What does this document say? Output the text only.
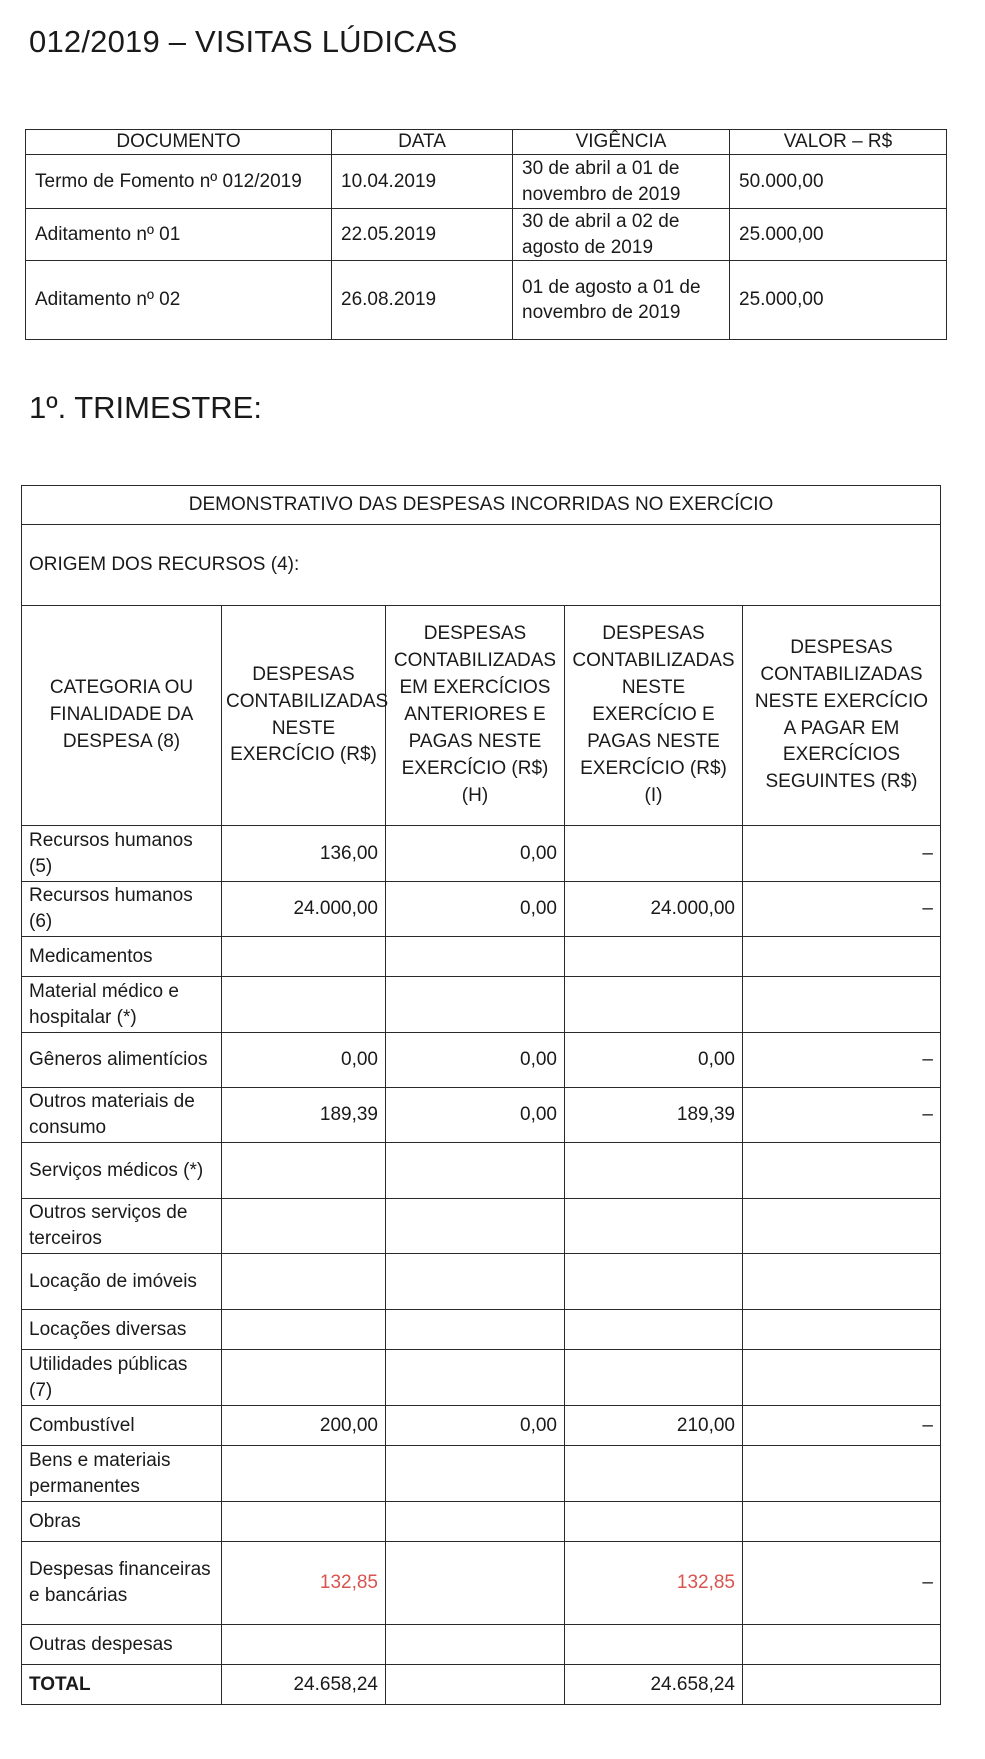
012/2019 – VISITAS LÚDICAS
DOCUMENTO	DATA	VIGÊNCIA	VALOR – R$
Termo de Fomento nº 012/2019	10.04.2019	30 de abril a 01 de novembro de 2019	50.000,00
Aditamento nº 01	22.05.2019	30 de abril a 02 de agosto de 2019	25.000,00
Aditamento nº 02	26.08.2019	01 de agosto a 01 de novembro de 2019	25.000,00
1º. TRIMESTRE:
DEMONSTRATIVO DAS DESPESAS INCORRIDAS NO EXERCÍCIO				
ORIGEM DOS RECURSOS (4):				
CATEGORIA OU FINALIDADE DA DESPESA (8)	DESPESAS CONTABILIZADAS NESTE EXERCÍCIO (R$)	DESPESAS CONTABILIZADAS EM EXERCÍCIOS ANTERIORES E PAGAS NESTE EXERCÍCIO (R$) (H)	DESPESAS CONTABILIZADAS NESTE EXERCÍCIO E PAGAS NESTE EXERCÍCIO (R$) (I)	DESPESAS CONTABILIZADAS NESTE EXERCÍCIO A PAGAR EM EXERCÍCIOS SEGUINTES (R$)
Recursos humanos (5)	136,00	0,00		–
Recursos humanos (6)	24.000,00	0,00	24.000,00	–
Medicamentos				
Material médico e hospitalar (*)				
Gêneros alimentícios	0,00	0,00	0,00	–
Outros materiais de consumo	189,39	0,00	189,39	–
Serviços médicos (*)				
Outros serviços de terceiros				
Locação de imóveis				
Locações diversas				
Utilidades públicas (7)				
Combustível	200,00	0,00	210,00	–
Bens e materiais permanentes				
Obras				
Despesas financeiras e bancárias	132,85		132,85	–
Outras despesas				
TOTAL	24.658,24		24.658,24	
